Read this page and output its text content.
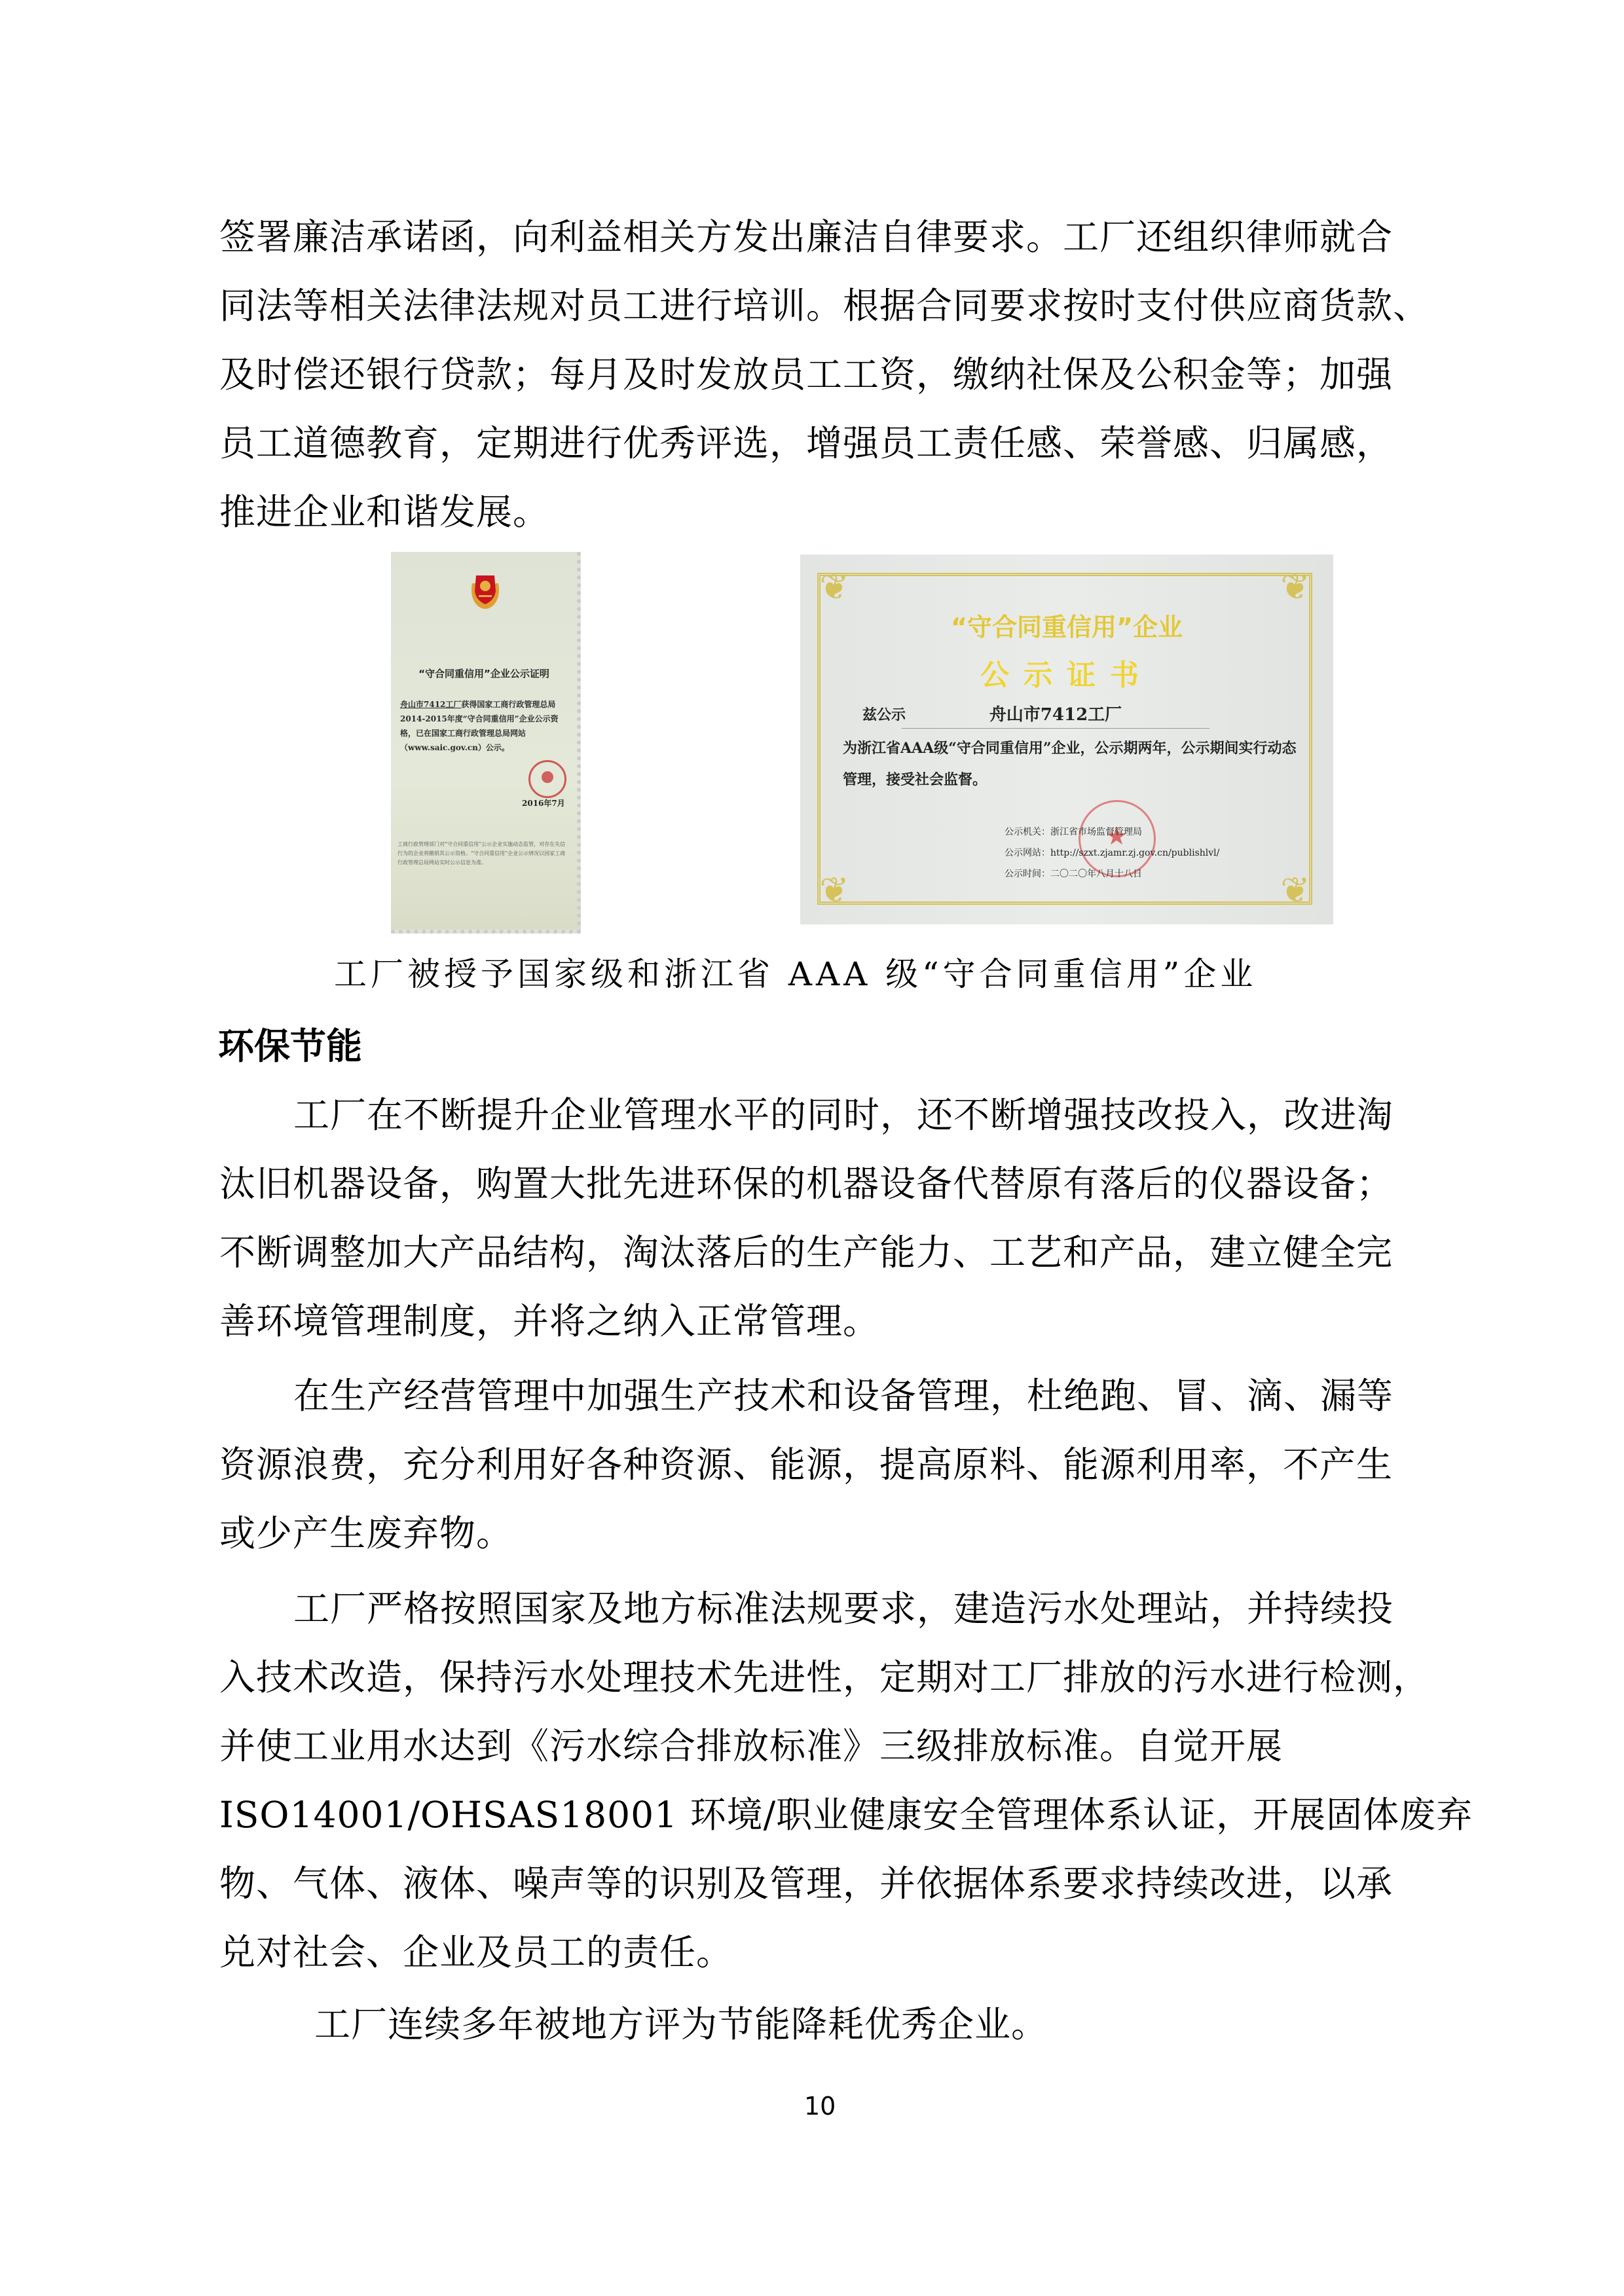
签署廉洁承诺函，向利益相关方发出廉洁自律要求。工厂还组织律师就合
同法等相关法律法规对员工进行培训。根据合同要求按时支付供应商货款、
及时偿还银行贷款；每月及时发放员工工资，缴纳社保及公积金等；加强
员工道德教育，定期进行优秀评选，增强员工责任感、荣誉感、归属感，
推进企业和谐发展。
“守合同重信用”企业公示证明
舟山市7412工厂获得国家工商行政管理总局2014-2015年度“守合同重信用”企业公示资格，已在国家工商行政管理总局网站（www.saic.gov.cn）公示。
2016年7月
工商行政管理部门对“守合同重信用”公示企业实施动态监管，对存在失信行为的企业将撤销其公示资格。“守合同重信用”企业公示情况以国家工商行政管理总局网站实时公示信息为准。
❦	❦
❦	❦
“守合同重信用”企业
公示证书
兹公示	舟山市7412工厂
为浙江省AAA级“守合同重信用”企业，公示期两年，公示期间实行动态管理，接受社会监督。
★
公示机关：浙江省市场监督管理局
公示网站：http://szxt.zjamr.zj.gov.cn/publishlvl/
公示时间：二〇二〇年八月十八日
工厂被授予国家级和浙江省 AAA 级“守合同重信用”企业
环保节能
工厂在不断提升企业管理水平的同时，还不断增强技改投入，改进淘
汰旧机器设备，购置大批先进环保的机器设备代替原有落后的仪器设备；
不断调整加大产品结构，淘汰落后的生产能力、工艺和产品，建立健全完
善环境管理制度，并将之纳入正常管理。
在生产经营管理中加强生产技术和设备管理，杜绝跑、冒、滴、漏等
资源浪费，充分利用好各种资源、能源，提高原料、能源利用率，不产生
或少产生废弃物。
工厂严格按照国家及地方标准法规要求，建造污水处理站，并持续投
入技术改造，保持污水处理技术先进性，定期对工厂排放的污水进行检测，
并使工业用水达到《污水综合排放标准》三级排放标准。自觉开展
ISO14001/OHSAS18001 环境/职业健康安全管理体系认证，开展固体废弃
物、气体、液体、噪声等的识别及管理，并依据体系要求持续改进，以承
兑对社会、企业及员工的责任。
工厂连续多年被地方评为节能降耗优秀企业。
10
